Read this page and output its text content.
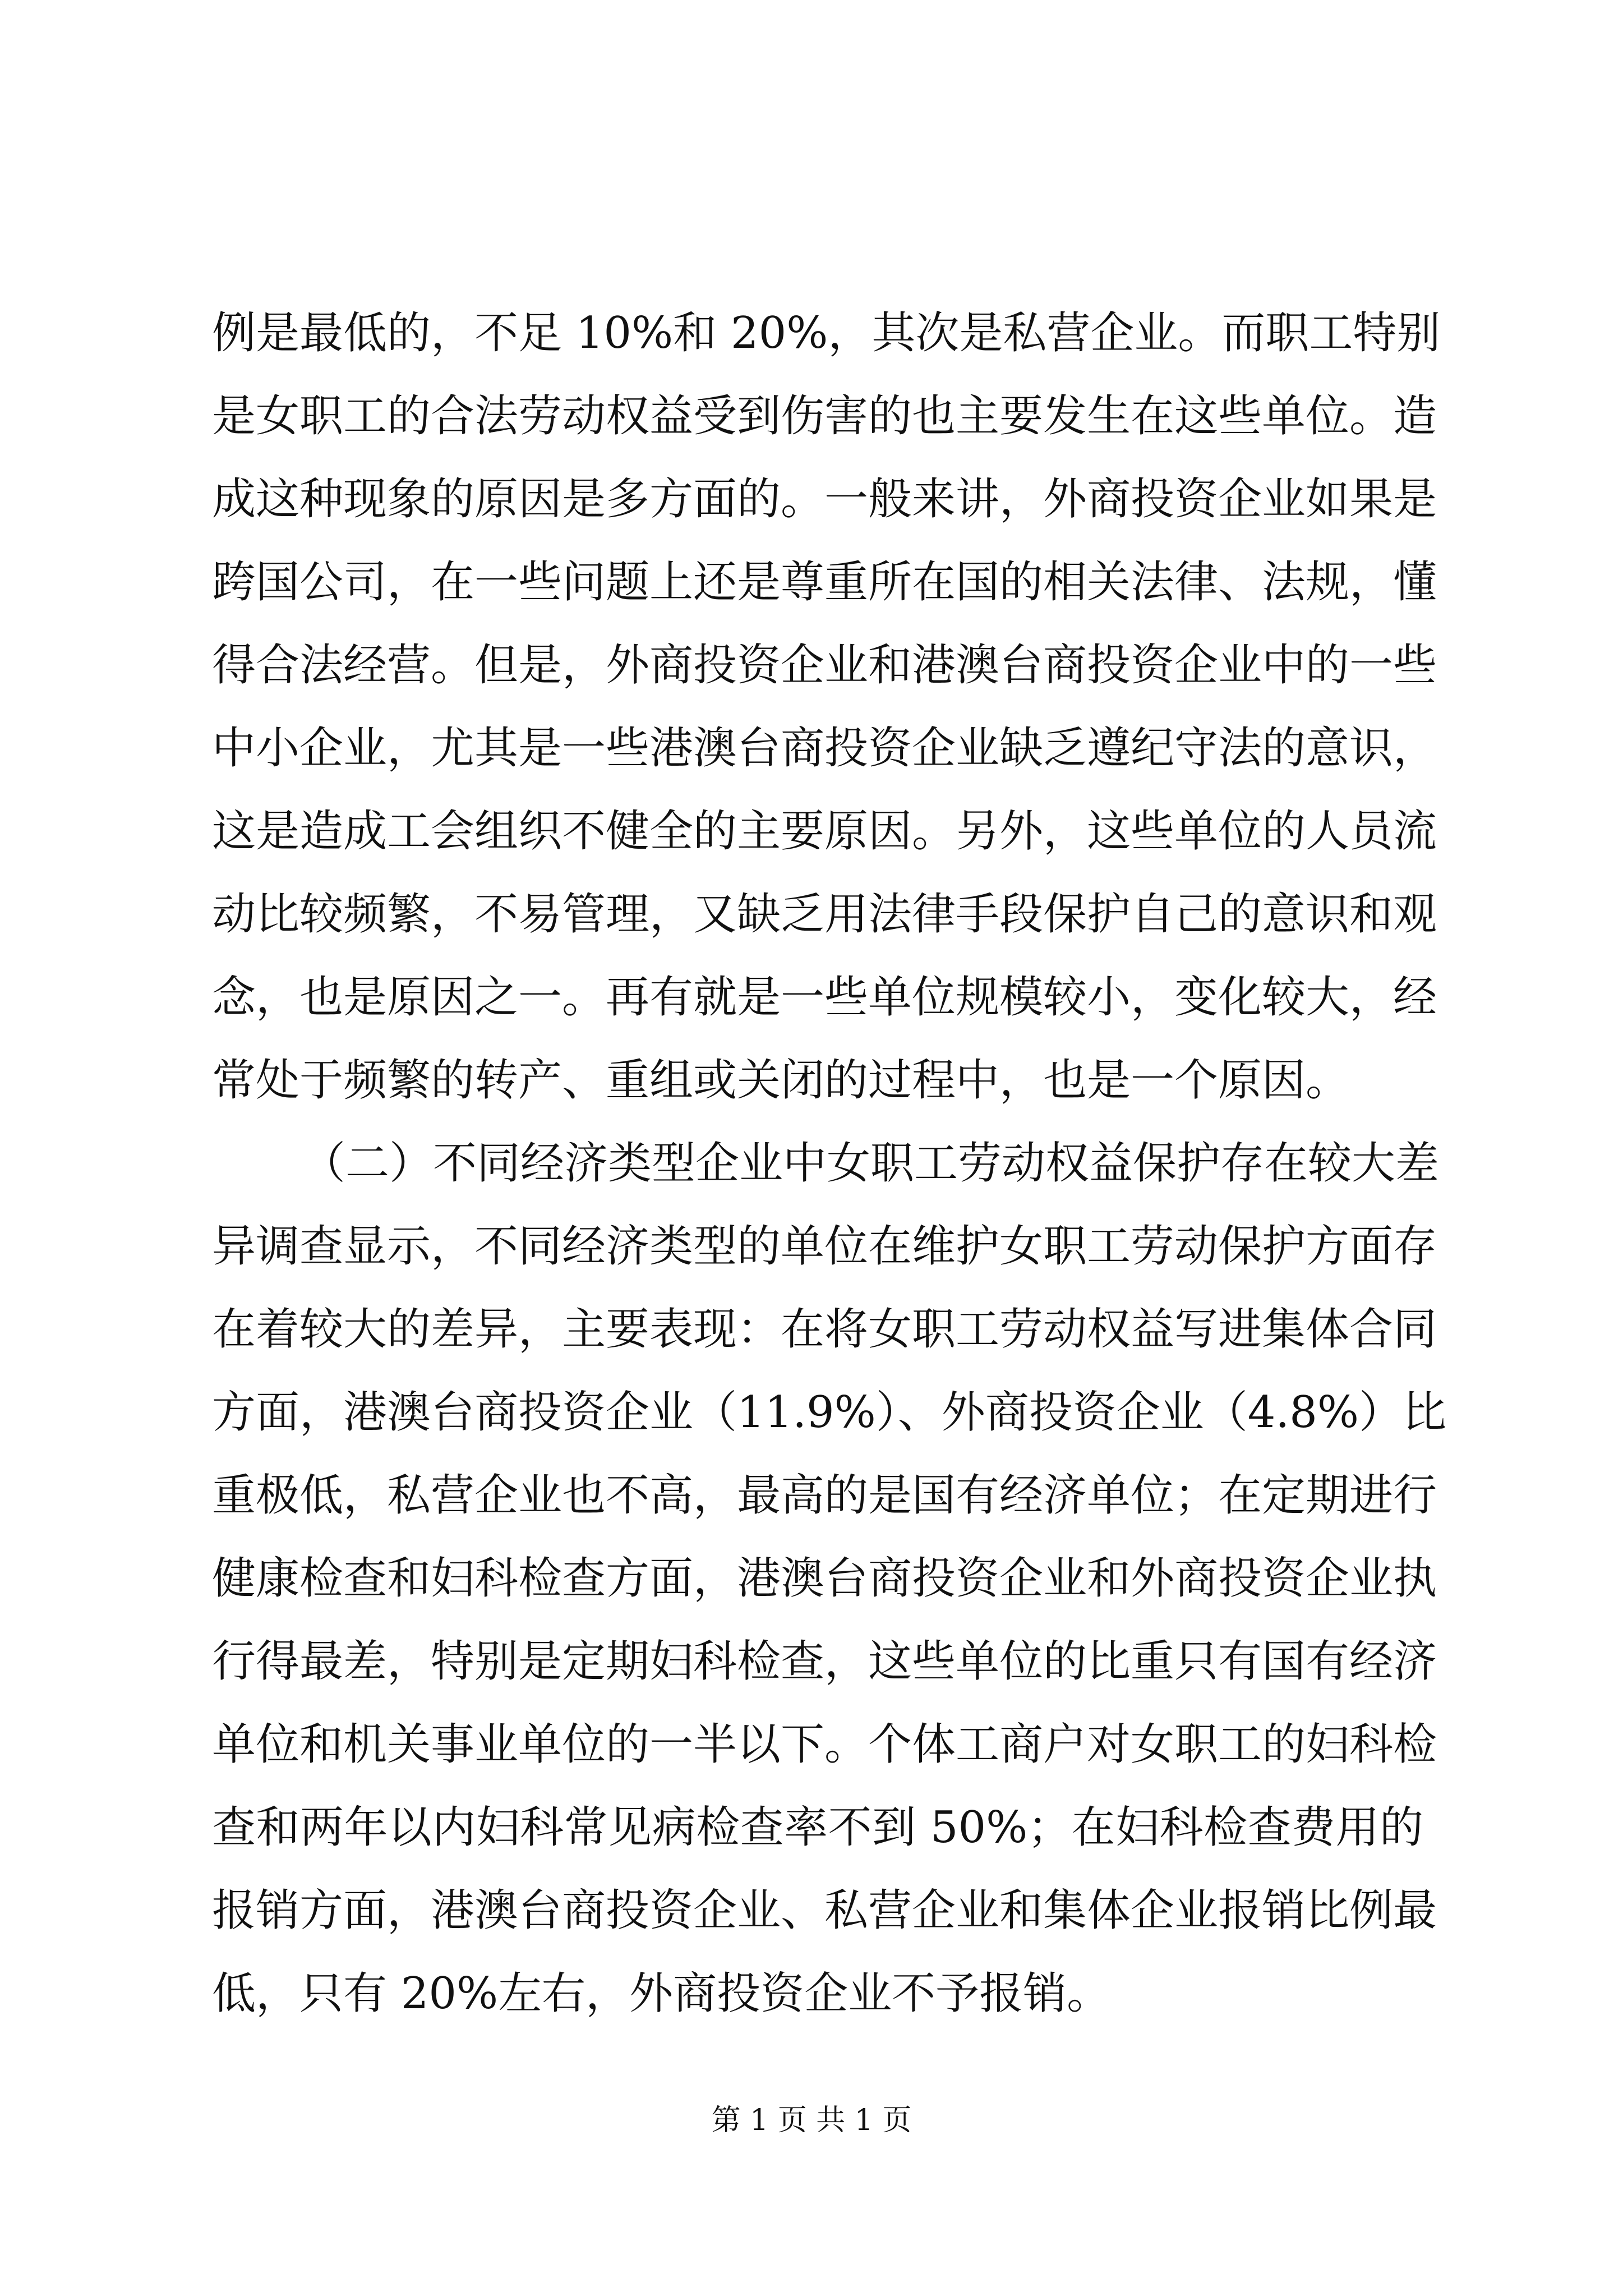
例是最低的，不足 10%和 20%，其次是私营企业。而职工特别
是女职工的合法劳动权益受到伤害的也主要发生在这些单位。造
成这种现象的原因是多方面的。一般来讲，外商投资企业如果是
跨国公司，在一些问题上还是尊重所在国的相关法律、法规，懂
得合法经营。但是，外商投资企业和港澳台商投资企业中的一些
中小企业，尤其是一些港澳台商投资企业缺乏遵纪守法的意识，
这是造成工会组织不健全的主要原因。另外，这些单位的人员流
动比较频繁，不易管理，又缺乏用法律手段保护自己的意识和观
念，也是原因之一。再有就是一些单位规模较小，变化较大，经
常处于频繁的转产、重组或关闭的过程中，也是一个原因。
（二）不同经济类型企业中女职工劳动权益保护存在较大差
异调查显示，不同经济类型的单位在维护女职工劳动保护方面存
在着较大的差异，主要表现：在将女职工劳动权益写进集体合同
方面，港澳台商投资企业（11.9%）、外商投资企业（4.8%）比
重极低，私营企业也不高，最高的是国有经济单位；在定期进行
健康检查和妇科检查方面，港澳台商投资企业和外商投资企业执
行得最差，特别是定期妇科检查，这些单位的比重只有国有经济
单位和机关事业单位的一半以下。个体工商户对女职工的妇科检
查和两年以内妇科常见病检查率不到 50%；在妇科检查费用的
报销方面，港澳台商投资企业、私营企业和集体企业报销比例最
低，只有 20%左右，外商投资企业不予报销。
第 1 页 共 1 页
